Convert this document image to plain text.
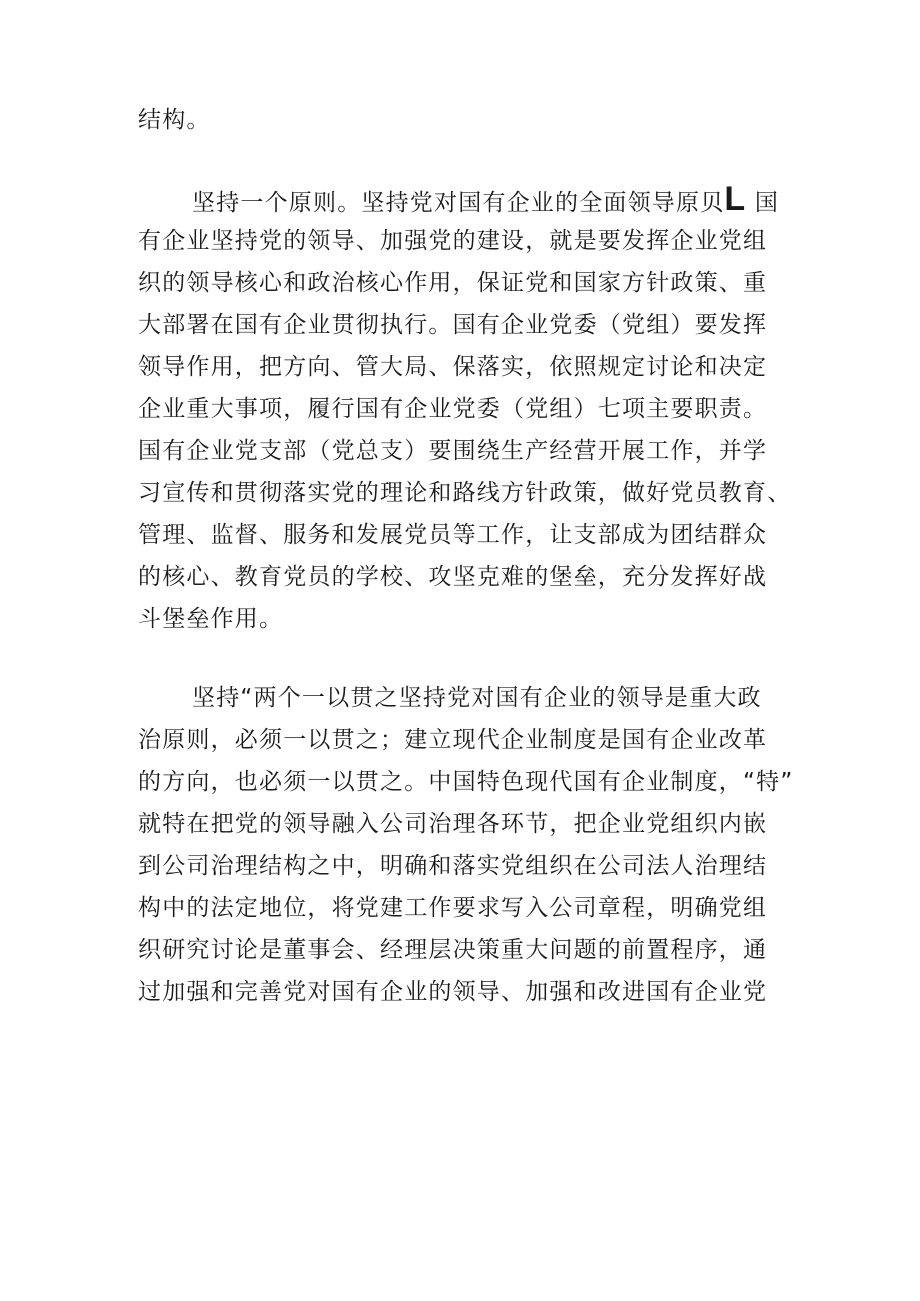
结构。
坚持一个原则。坚持党对国有企业的全面领导原贝L 国
有企业坚持党的领导、加强党的建设，就是要发挥企业党组
织的领导核心和政治核心作用，保证党和国家方针政策、重
大部署在国有企业贯彻执行。国有企业党委（党组）要发挥
领导作用，把方向、管大局、保落实，依照规定讨论和决定
企业重大事项，履行国有企业党委（党组）七项主要职责。
国有企业党支部（党总支）要围绕生产经营开展工作，并学
习宣传和贯彻落实党的理论和路线方针政策，做好党员教育、
管理、监督、服务和发展党员等工作，让支部成为团结群众
的核心、教育党员的学校、攻坚克难的堡垒，充分发挥好战
斗堡垒作用。
坚持“两个一以贯之坚持党对国有企业的领导是重大政
治原则，必须一以贯之；建立现代企业制度是国有企业改革
的方向，也必须一以贯之。中国特色现代国有企业制度，“特”
就特在把党的领导融入公司治理各环节，把企业党组织内嵌
到公司治理结构之中，明确和落实党组织在公司法人治理结
构中的法定地位，将党建工作要求写入公司章程，明确党组
织研究讨论是董事会、经理层决策重大问题的前置程序，通
过加强和完善党对国有企业的领导、加强和改进国有企业党
